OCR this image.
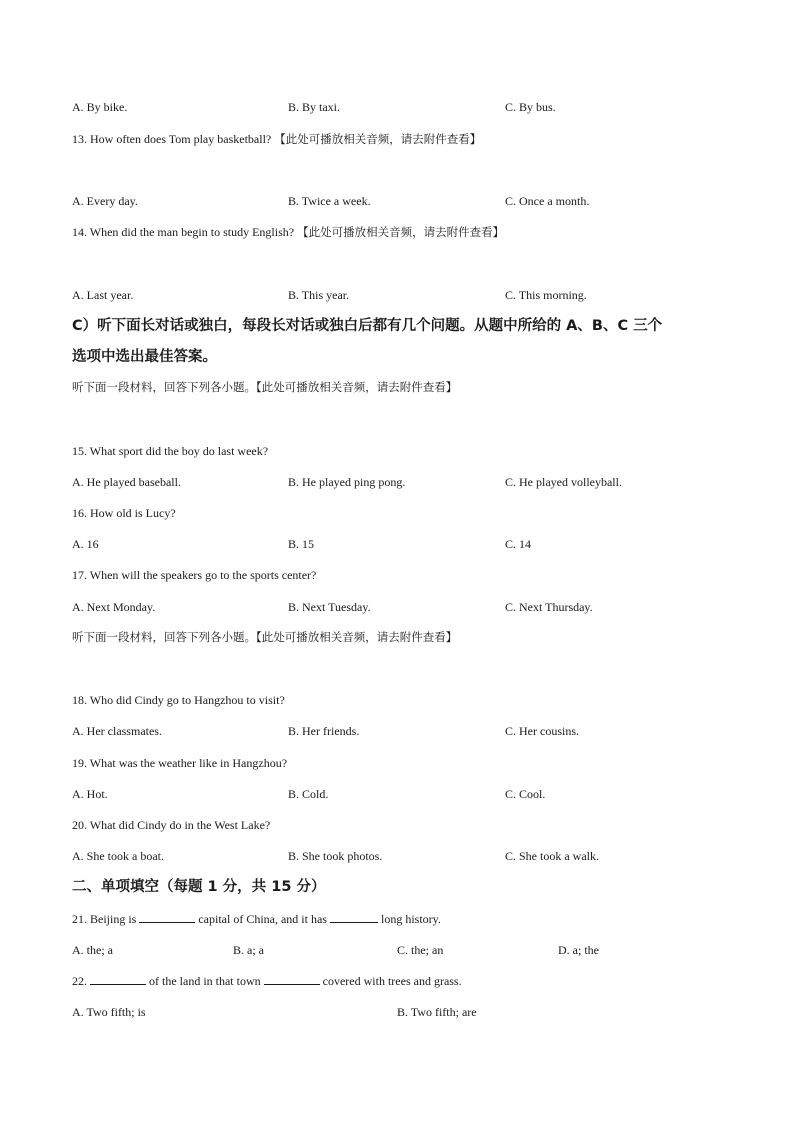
A. By bike.	B. By taxi.	C. By bus.
13. How often does Tom play basketball? 【此处可播放相关音频，请去附件查看】
A. Every day.	B. Twice a week.	C. Once a month.
14. When did the man begin to study English? 【此处可播放相关音频，请去附件查看】
A. Last year.	B. This year.	C. This morning.
C）听下面长对话或独白，每段长对话或独白后都有几个问题。从题中所给的 A、B、C 三个
选项中选出最佳答案。
听下面一段材料，回答下列各小题。【此处可播放相关音频，请去附件查看】
15. What sport did the boy do last week?
A. He played baseball.	B. He played ping pong.	C. He played volleyball.
16. How old is Lucy?
A. 16	B. 15	C. 14
17. When will the speakers go to the sports center?
A. Next Monday.	B. Next Tuesday.	C. Next Thursday.
听下面一段材料，回答下列各小题。【此处可播放相关音频，请去附件查看】
18. Who did Cindy go to Hangzhou to visit?
A. Her classmates.	B. Her friends.	C. Her cousins.
19. What was the weather like in Hangzhou?
A. Hot.	B. Cold.	C. Cool.
20. What did Cindy do in the West Lake?
A. She took a boat.	B. She took photos.	C. She took a walk.
二、单项填空（每题 1 分，共 15 分）
21. Beijing is	capital of China, and it has	long history.
A. the; a	B. a; a	C. the; an	D. a; the
22.	of the land in that town	covered with trees and grass.
A. Two fifth; is	B. Two fifth; are
